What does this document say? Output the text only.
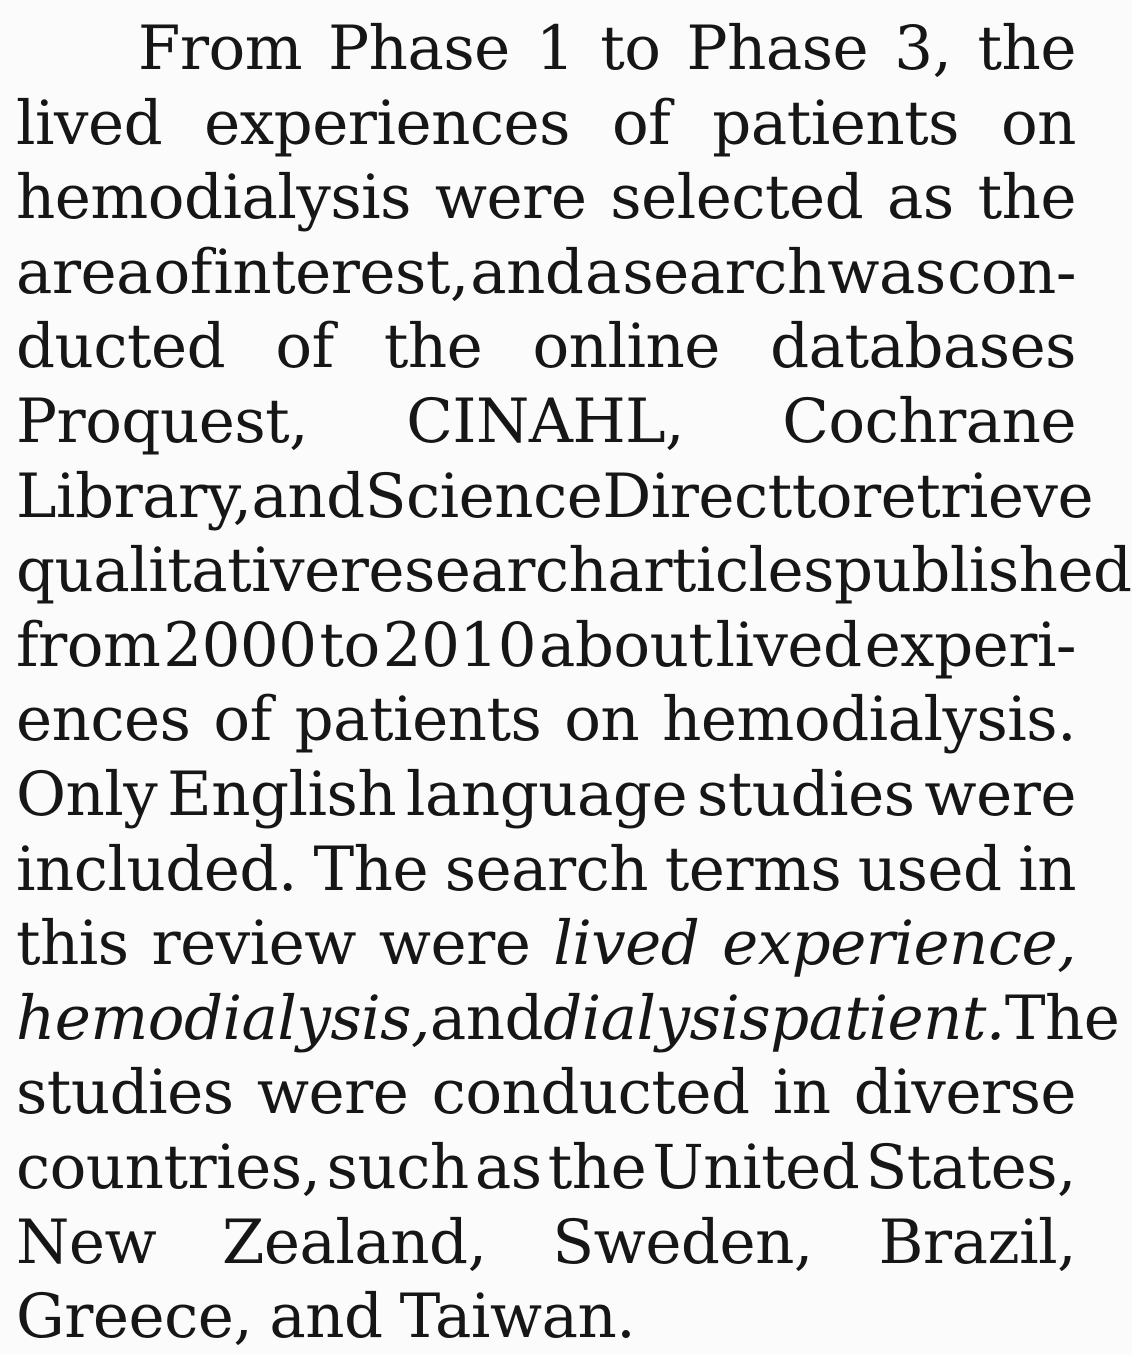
From Phase 1 to Phase 3, the
lived experiences of patients on
hemodialysis were selected as the
area of interest, and a search was con-
ducted of the online databases
Proquest, CINAHL, Cochrane
Library, and ScienceDirect to retrieve
qualitative research articles published
from 2000 to 2010 about lived experi-
ences of patients on hemodialysis.
Only English language studies were
included. The search terms used in
this review were lived experience,
hemodialysis, and dialysis patient. The
studies were conducted in diverse
countries, such as the United States,
New Zealand, Sweden, Brazil,
Greece, and Taiwan.
